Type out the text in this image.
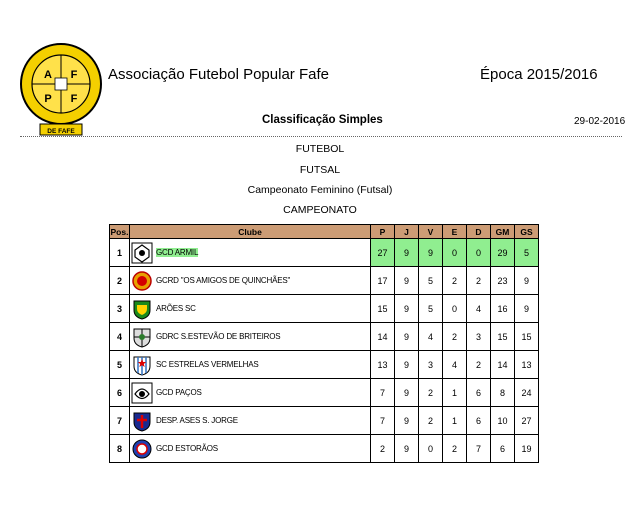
A F
P F
DE FAFE
Associação Futebol Popular Fafe	Época 2015/2016
Classificação Simples	29-02-2016
FUTEBOL
FUTSAL
Campeonato Feminino (Futsal)
CAMPEONATO
Pos.	Clube	P	J	V	E	D	GM	GS
1	GCD ARMIL	27	9	9	0	0	29	5
2	GCRD "OS AMIGOS DE QUINCHÃES"	17	9	5	2	2	23	9
3	ARÕES SC	15	9	5	0	4	16	9
4	GDRC S.ESTEVÃO DE BRITEIROS	14	9	4	2	3	15	15
5	SC ESTRELAS VERMELHAS	13	9	3	4	2	14	13
6	GCD PAÇOS	7	9	2	1	6	8	24
7	DESP. ASES S. JORGE	7	9	2	1	6	10	27
8	GCD ESTORÃOS	2	9	0	2	7	6	19
